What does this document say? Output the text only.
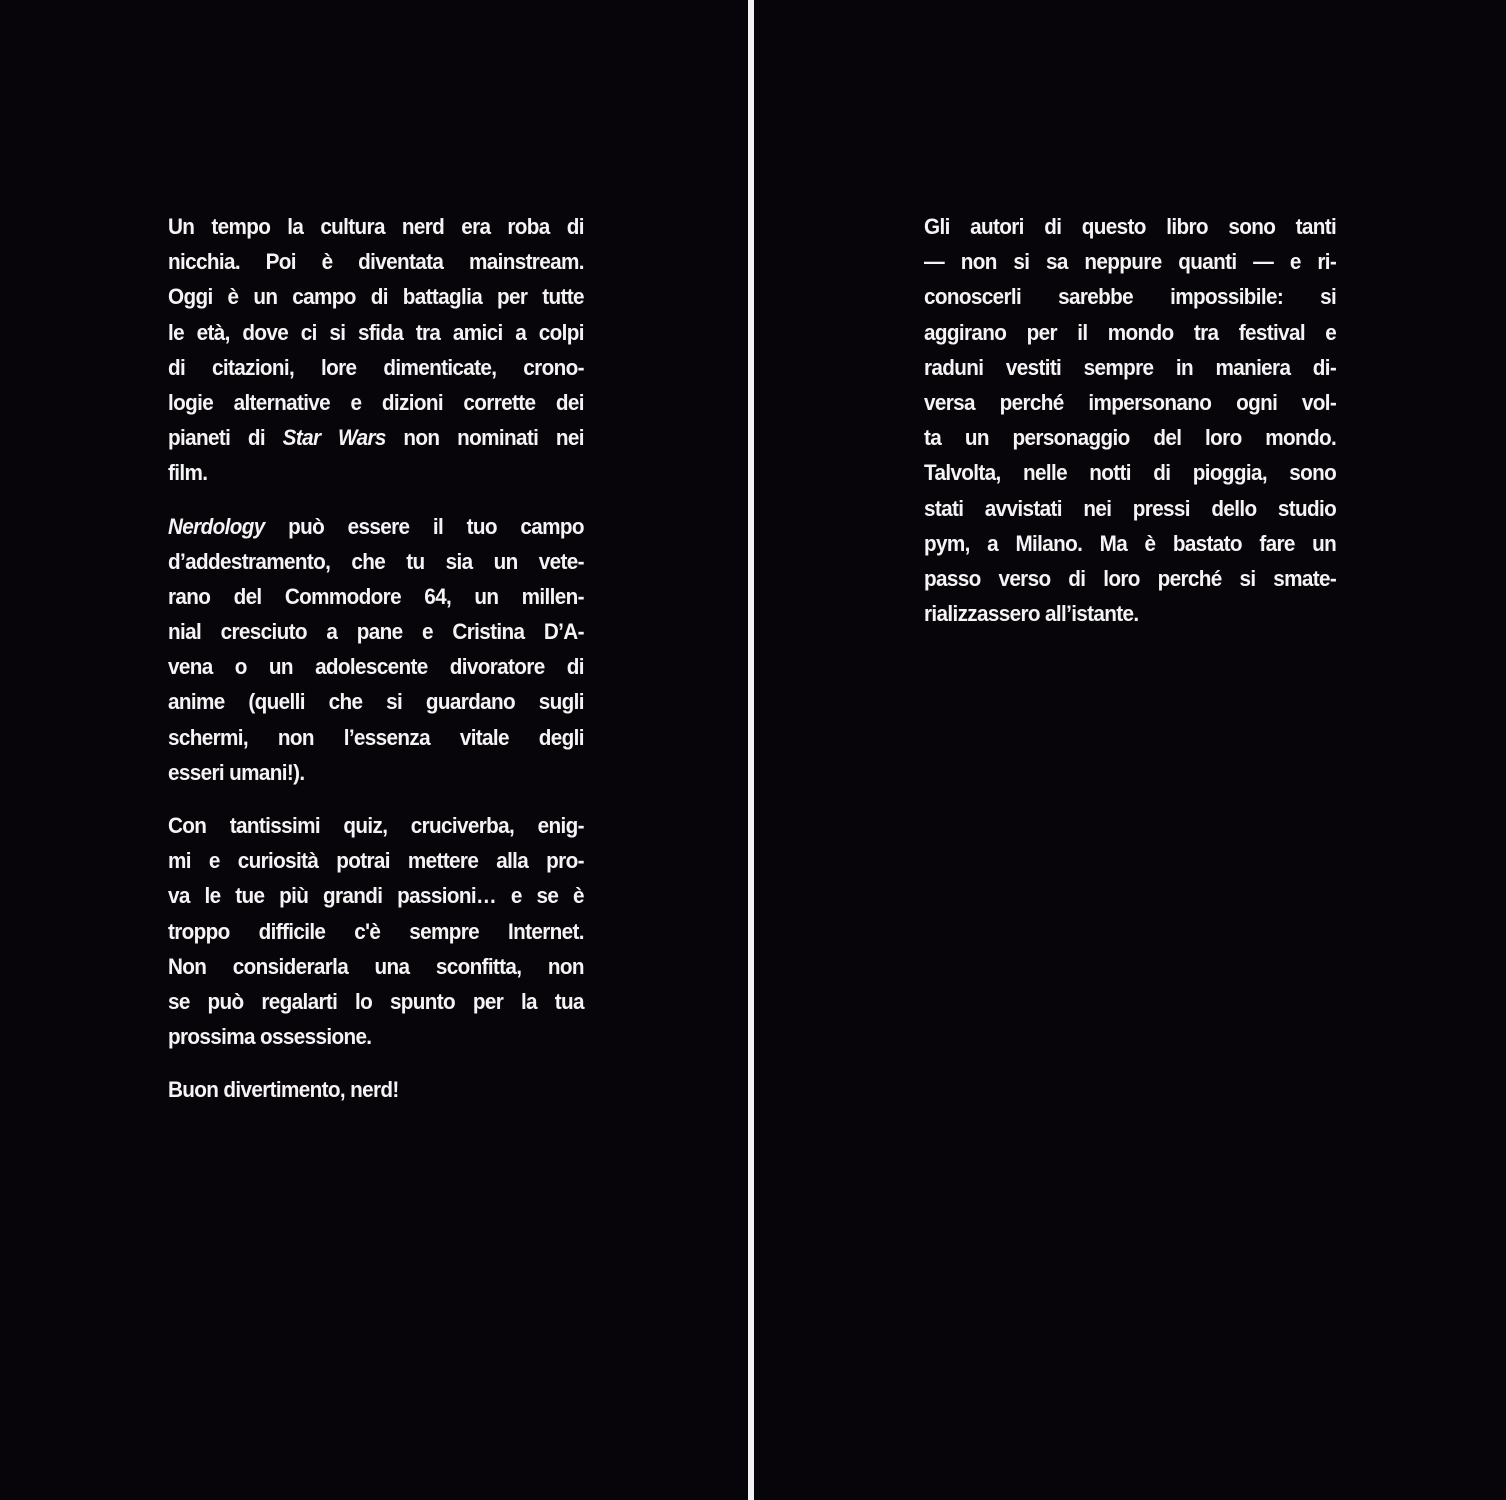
Un tempo la cultura nerd era roba di
nicchia. Poi è diventata mainstream.
Oggi è un campo di battaglia per tutte
le età, dove ci si sfida tra amici a colpi
di citazioni, lore dimenticate, crono-
logie alternative e dizioni corrette dei
pianeti di Star Wars non nominati nei
film.

Nerdology può essere il tuo campo
d’addestramento, che tu sia un vete-
rano del Commodore 64, un millen-
nial cresciuto a pane e Cristina D’A-
vena o un adolescente divoratore di
anime (quelli che si guardano sugli
schermi, non l’essenza vitale degli
esseri umani!).

Con tantissimi quiz, cruciverba, enig-
mi e curiosità potrai mettere alla pro-
va le tue più grandi passioni… e se è
troppo difficile c'è sempre Internet.
Non considerarla una sconfitta, non
se può regalarti lo spunto per la tua
prossima ossessione.

Buon divertimento, nerd!

Gli autori di questo libro sono tanti
— non si sa neppure quanti — e ri-
conoscerli sarebbe impossibile: si
aggirano per il mondo tra festival e
raduni vestiti sempre in maniera di-
versa perché impersonano ogni vol-
ta un personaggio del loro mondo.
Talvolta, nelle notti di pioggia, sono
stati avvistati nei pressi dello studio
pym, a Milano. Ma è bastato fare un
passo verso di loro perché si smate-
rializzassero all’istante.
